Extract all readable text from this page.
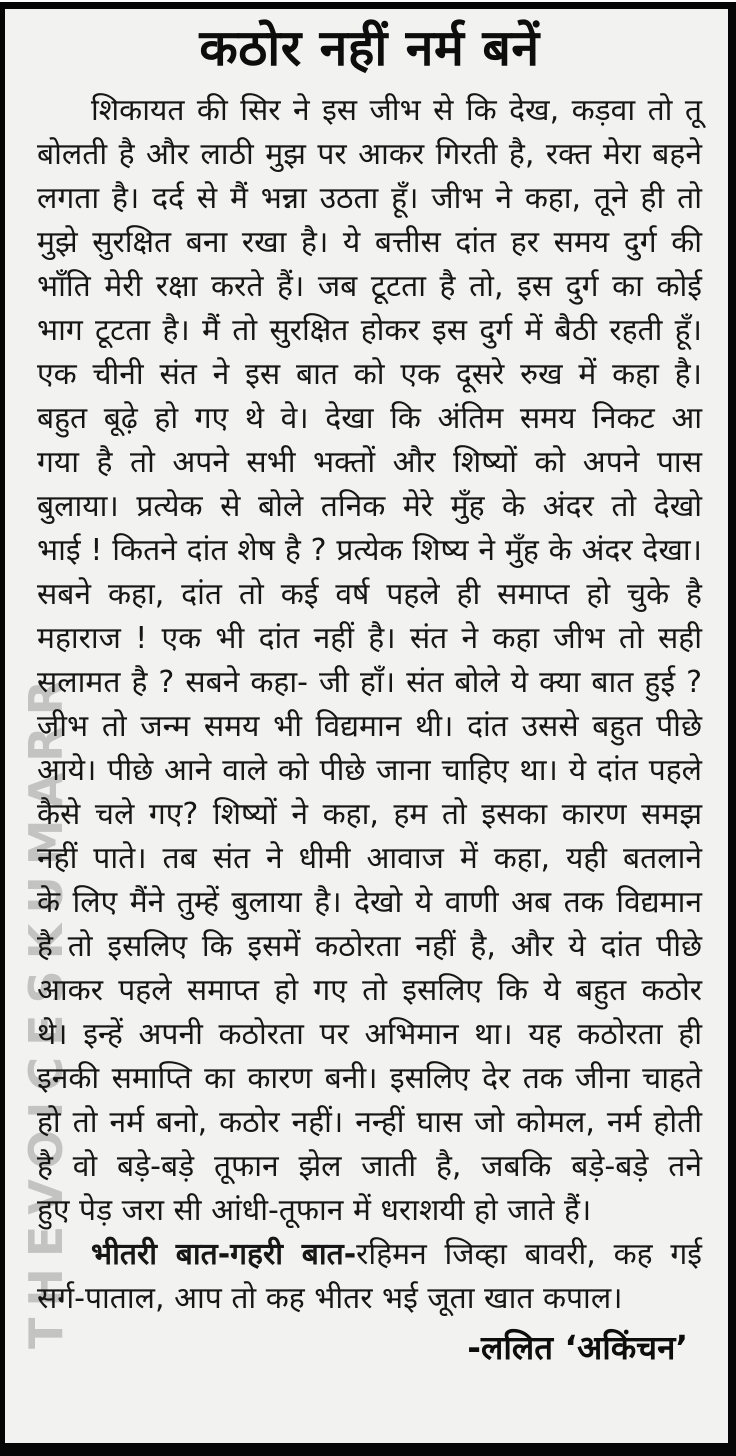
THEVOICESKUMARR
कठोर नहीं नर्म बनें
शिकायत की सिर ने इस जीभ से कि देख, कड़वा तो तू
बोलती है और लाठी मुझ पर आकर गिरती है, रक्त मेरा बहने
लगता है। दर्द से मैं भन्ना उठता हूँ। जीभ ने कहा, तूने ही तो
मुझे सुरक्षित बना रखा है। ये बत्तीस दांत हर समय दुर्ग की
भाँति मेरी रक्षा करते हैं। जब टूटता है तो, इस दुर्ग का कोई
भाग टूटता है। मैं तो सुरक्षित होकर इस दुर्ग में बैठी रहती हूँ।
एक चीनी संत ने इस बात को एक दूसरे रुख में कहा है।
बहुत बूढ़े हो गए थे वे। देखा कि अंतिम समय निकट आ
गया है तो अपने सभी भक्तों और शिष्यों को अपने पास
बुलाया। प्रत्येक से बोले तनिक मेरे मुँह के अंदर तो देखो
भाई ! कितने दांत शेष है ? प्रत्येक शिष्य ने मुँह के अंदर देखा।
सबने कहा, दांत तो कई वर्ष पहले ही समाप्त हो चुके है
महाराज ! एक भी दांत नहीं है। संत ने कहा जीभ तो सही
सलामत है ? सबने कहा- जी हाँ। संत बोले ये क्या बात हुई ?
जीभ तो जन्म समय भी विद्यमान थी। दांत उससे बहुत पीछे
आये। पीछे आने वाले को पीछे जाना चाहिए था। ये दांत पहले
कैसे चले गए? शिष्यों ने कहा, हम तो इसका कारण समझ
नहीं पाते। तब संत ने धीमी आवाज में कहा, यही बतलाने
के लिए मैंने तुम्हें बुलाया है। देखो ये वाणी अब तक विद्यमान
है तो इसलिए कि इसमें कठोरता नहीं है, और ये दांत पीछे
आकर पहले समाप्त हो गए तो इसलिए कि ये बहुत कठोर
थे। इन्हें अपनी कठोरता पर अभिमान था। यह कठोरता ही
इनकी समाप्ति का कारण बनी। इसलिए देर तक जीना चाहते
हो तो नर्म बनो, कठोर नहीं। नन्हीं घास जो कोमल, नर्म होती
है वो बड़े-बड़े तूफान झेल जाती है, जबकि बड़े-बड़े तने
हुए पेड़ जरा सी आंधी-तूफान में धराशयी हो जाते हैं।
भीतरी बात-गहरी बात-रहिमन जिव्हा बावरी, कह गई
सर्ग-पाताल, आप तो कह भीतर भई जूता खात कपाल।
-ललित ‘अकिंचन’
